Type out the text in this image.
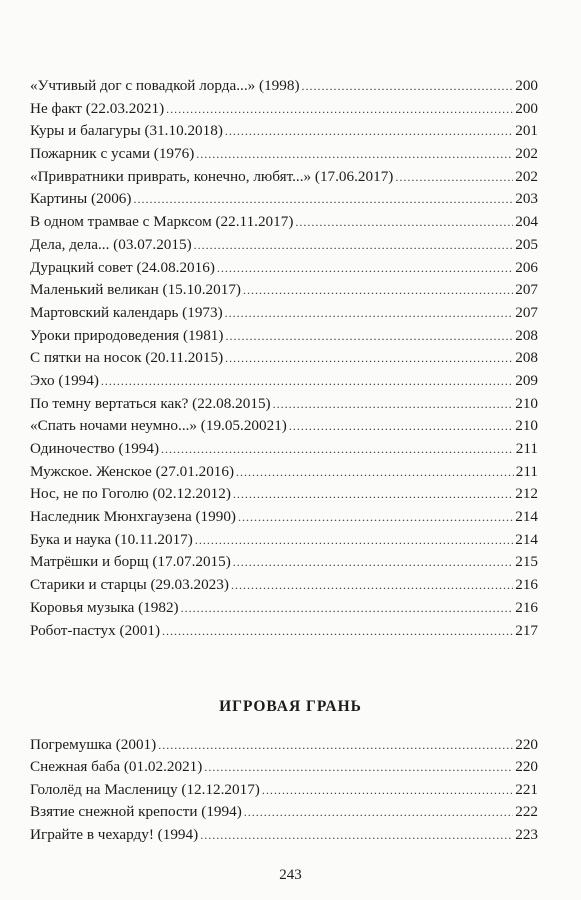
«Учтивый дог с повадкой лорда...» (1998) .....	200
Не факт (22.03.2021) .....	200
Куры и балагуры (31.10.2018) .....	201
Пожарник с усами (1976) .....	202
«Привратники приврать, конечно, любят...» (17.06.2017) .....	202
Картины (2006) .....	203
В одном трамвае с Марксом (22.11.2017) .....	204
Дела, дела... (03.07.2015) .....	205
Дурацкий совет (24.08.2016) .....	206
Маленький великан (15.10.2017) .....	207
Мартовский календарь (1973) .....	207
Уроки природоведения (1981) .....	208
С пятки на носок (20.11.2015) .....	208
Эхо (1994) .....	209
По темну вертаться как? (22.08.2015) .....	210
«Спать ночами неумно...» (19.05.20021) .....	210
Одиночество (1994) .....	211
Мужское. Женское (27.01.2016) .....	211
Нос, не по Гоголю (02.12.2012) .....	212
Наследник Мюнхгаузена (1990) .....	214
Бука и наука (10.11.2017) .....	214
Матрёшки и борщ (17.07.2015) .....	215
Старики и старцы (29.03.2023) .....	216
Коровья музыка (1982) .....	216
Робот-пастух (2001) .....	217
ИГРОВАЯ ГРАНЬ
Погремушка (2001) .....	220
Снежная баба (01.02.2021) .....	220
Гололёд на Масленицу (12.12.2017) .....	221
Взятие снежной крепости (1994) .....	222
Играйте в чехарду! (1994) .....	223
243
